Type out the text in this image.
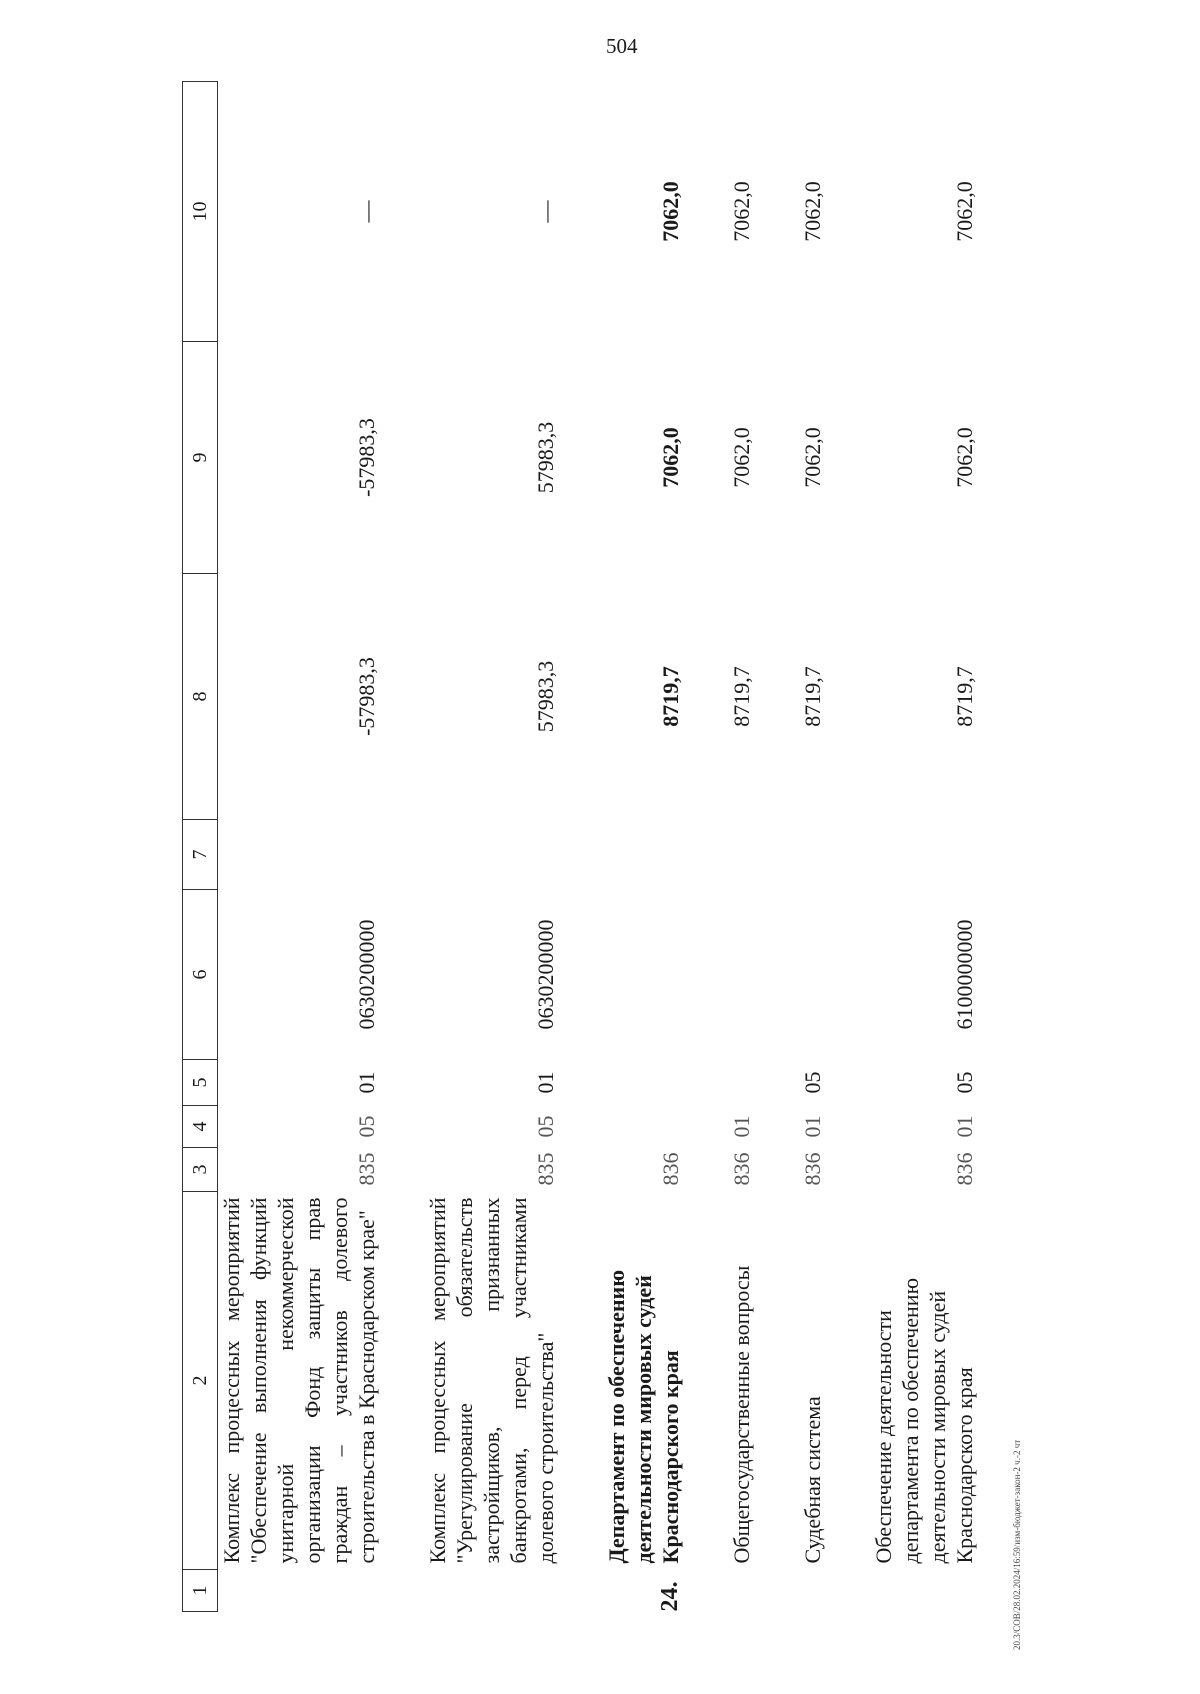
504
1	2	3	4	5	6	7	8	9	10
	Комплекс процессных мероприятий "Обеспечение выполнения функций унитарной некоммерческой организации Фонд защиты прав граждан – участников долевого строительства в Краснодарском крае"	835	05	01	0630200000		-57983,3	-57983,3	—

	Комплекс процессных мероприятий "Урегулирование обязательств застройщиков, признанных банкротами, перед участниками долевого строительства"	835	05	01	0630200000		57983,3	57983,3	—

24.	Департамент по обеспечению деятельности мировых судей Краснодарского края	836					8719,7	7062,0	7062,0

	Общегосударственные вопросы	836	01				8719,7	7062,0	7062,0

	Судебная система	836	01	05			8719,7	7062,0	7062,0

	Обеспечение деятельности департамента по обеспечению деятельности мировых судей Краснодарского края	836	01	05	6100000000		8719,7	7062,0	7062,0
20.3/СОВ/28.02.2024/16:59/изм-бюджет-закон-2 ч.-2 чт
